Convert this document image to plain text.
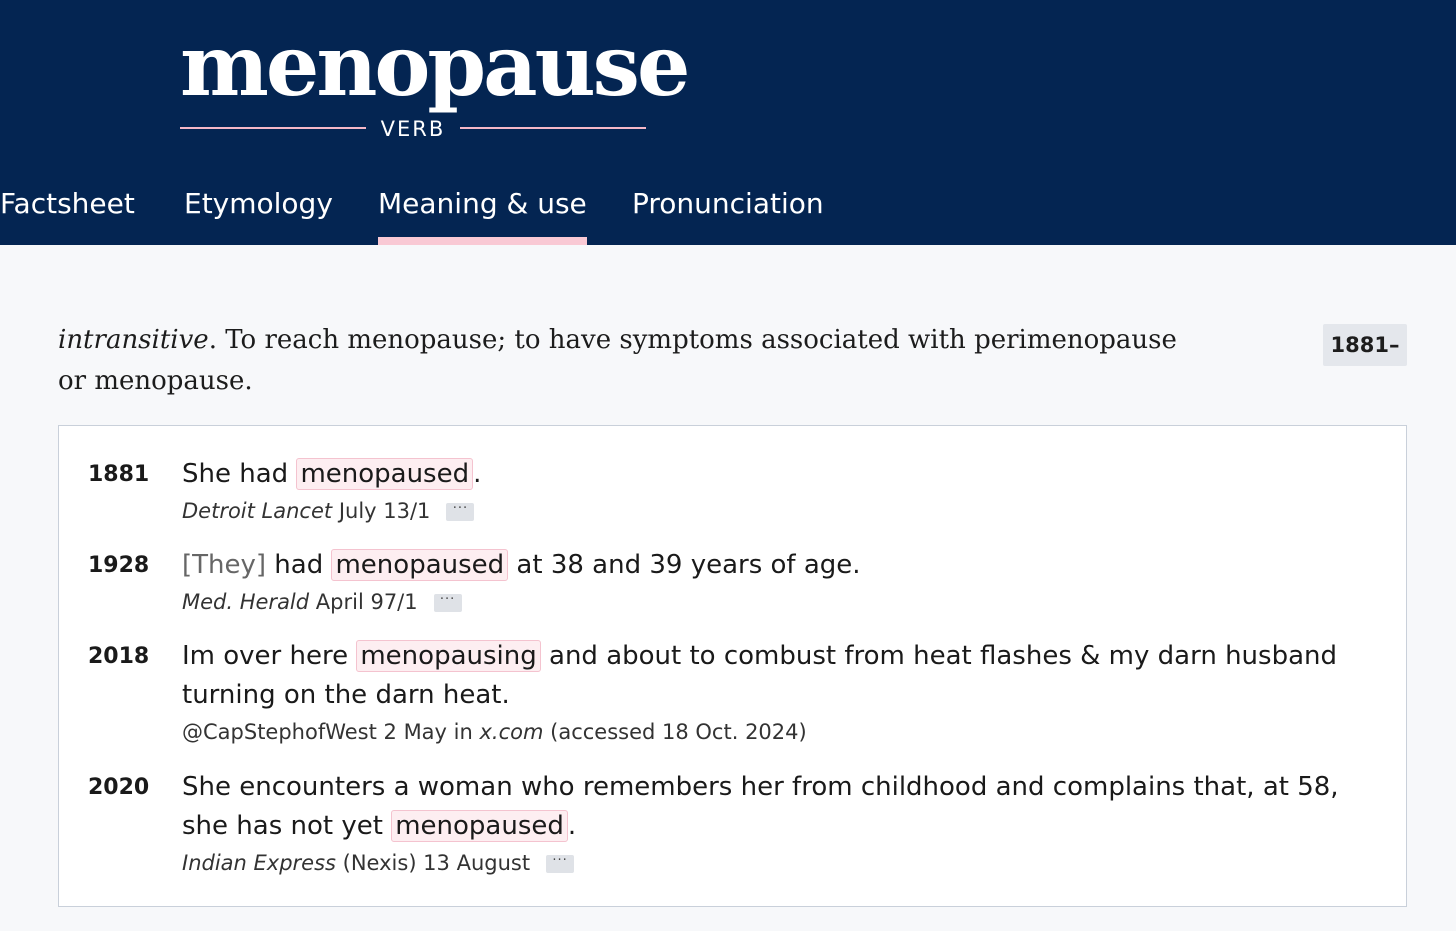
menopause
VERB
Factsheet Etymology Meaning & use Pronunciation
intransitive. To reach menopause; to have symptoms associated with perimenopause or menopause.
1881–
1881 She had menopaused .
Detroit Lancet July 13/1 ···
1928 [They] had menopaused at 38 and 39 years of age.
Med. Herald April 97/1 ···
2018 Im over here menopausing and about to combust from heat flashes & my darn husband turning on the darn heat.
@CapStephofWest 2 May in x.com (accessed 18 Oct. 2024)
2020 She encounters a woman who remembers her from childhood and complains that, at 58, she has not yet menopaused .
Indian Express (Nexis) 13 August ···
